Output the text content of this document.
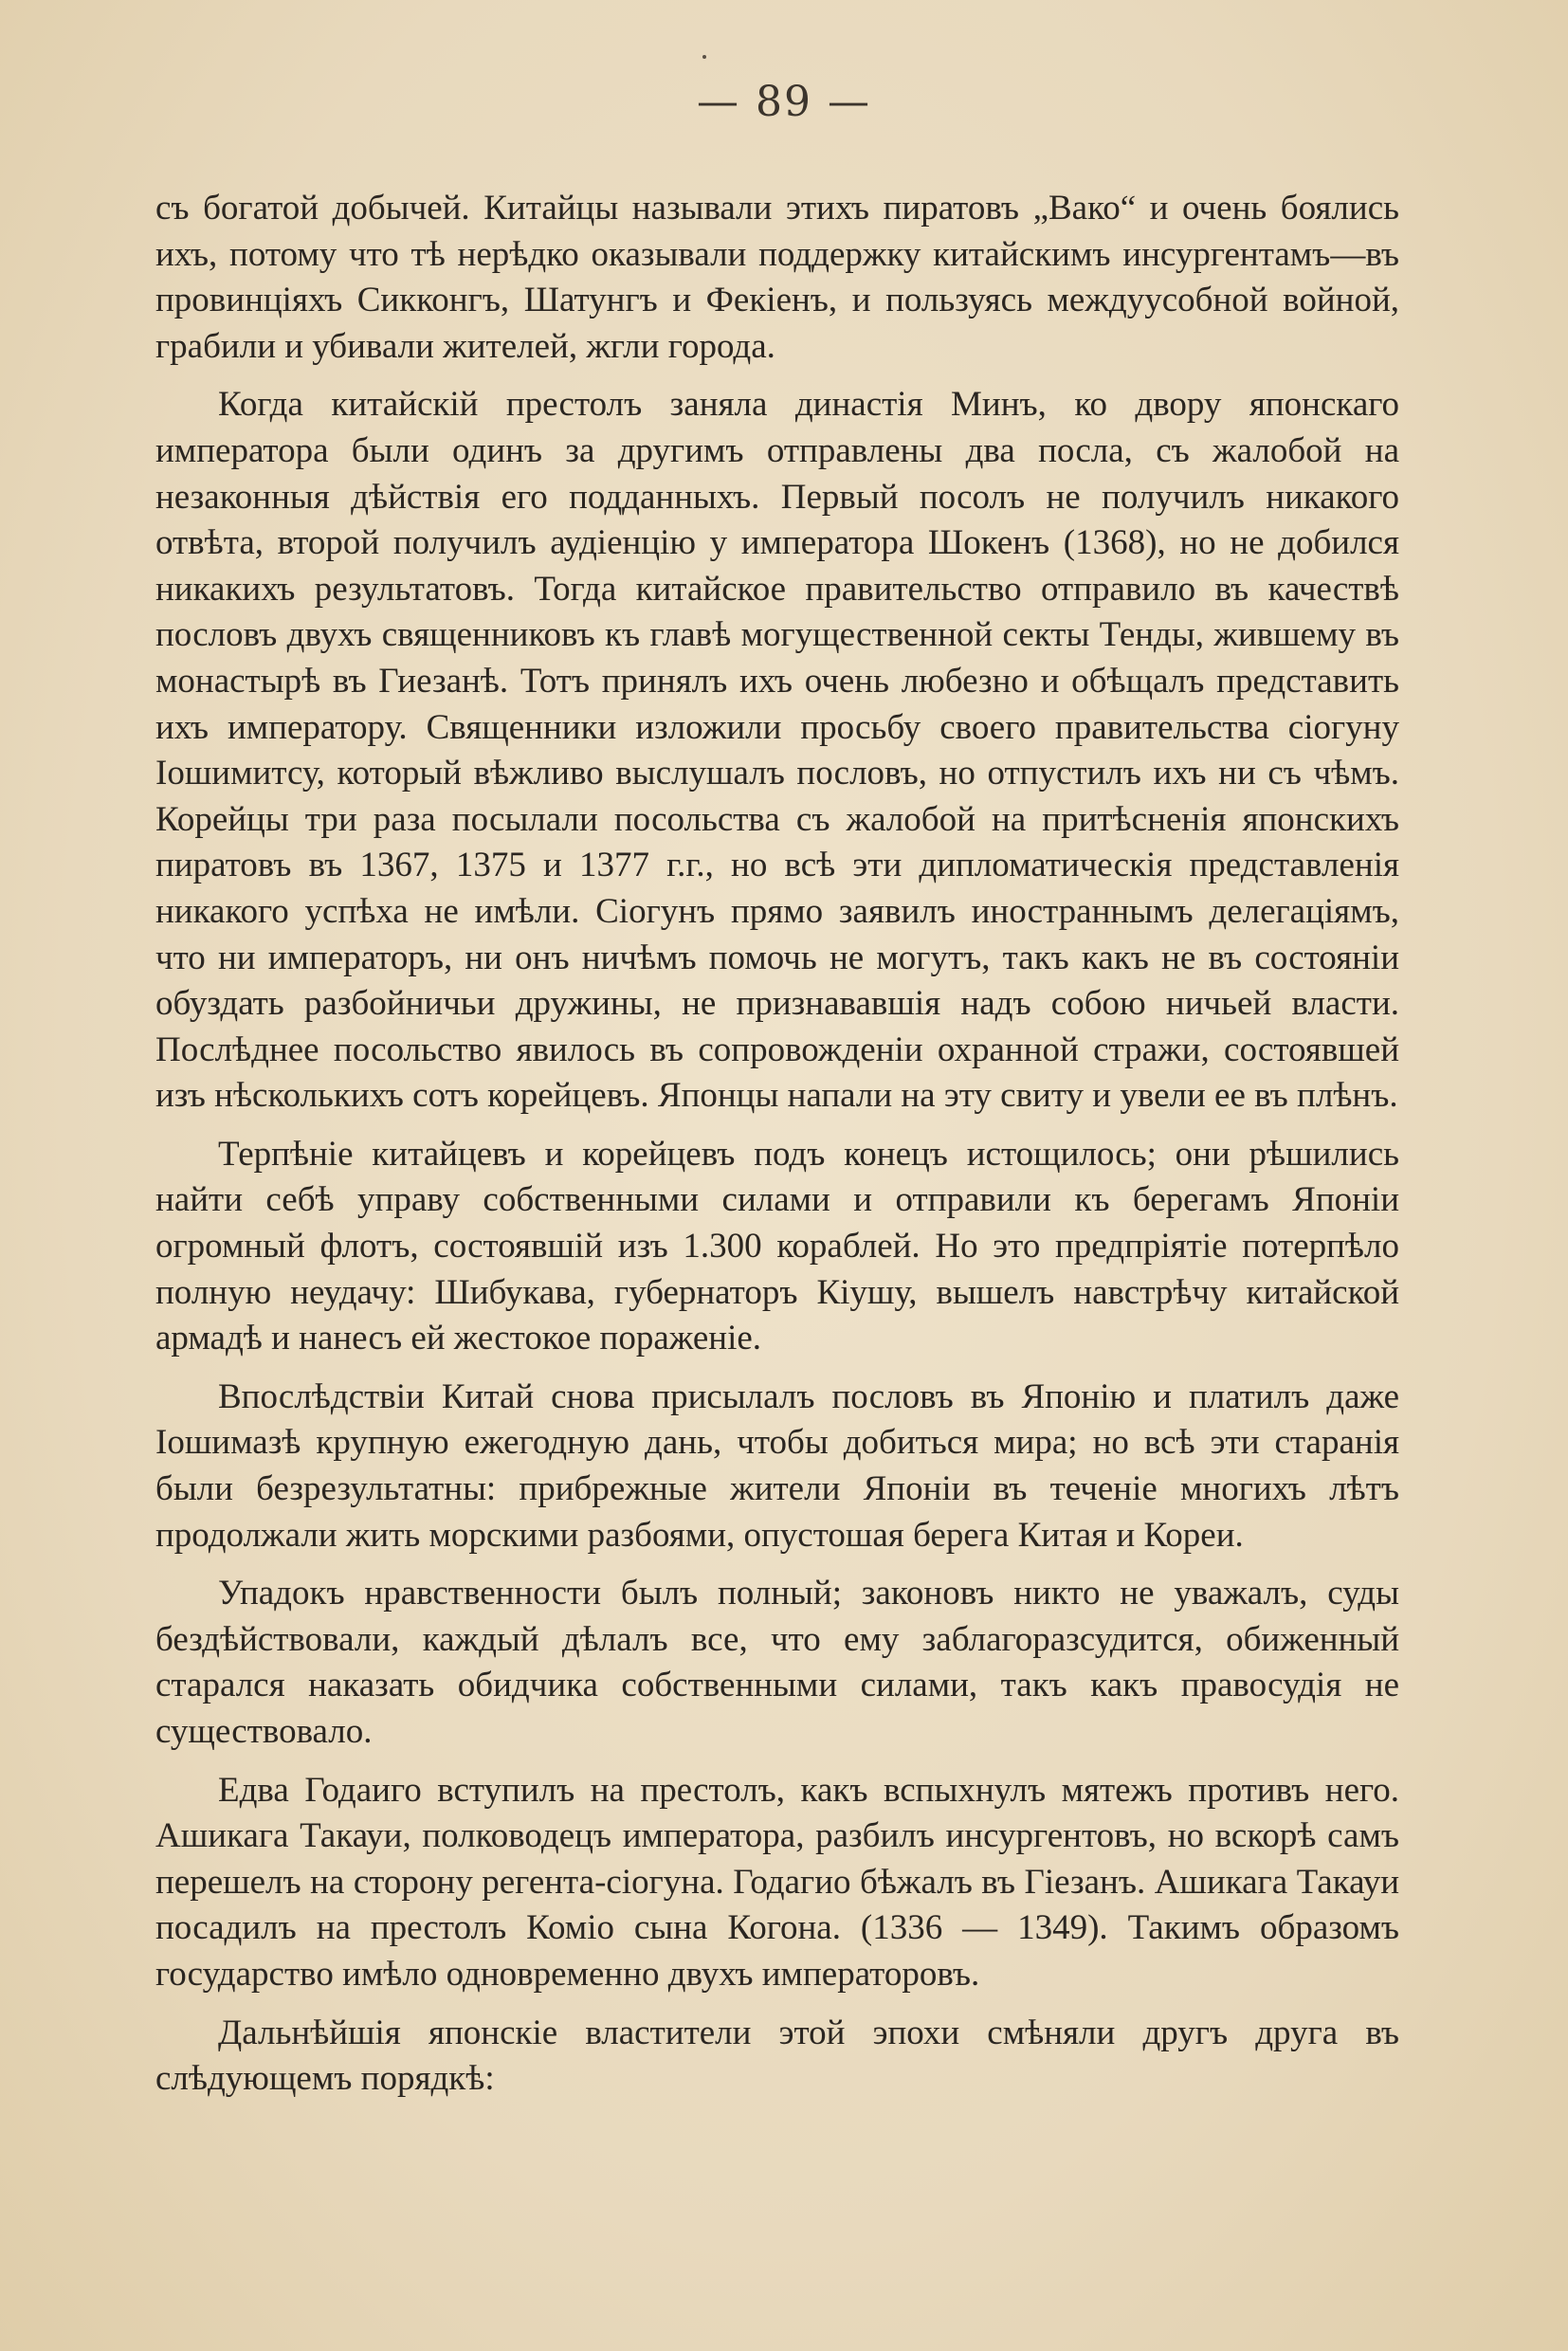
— 89 —

съ богатой добычей. Китайцы называли этихъ пиратовъ „Вако“ и очень боялись ихъ, потому что тѣ нерѣдко оказывали поддержку китайскимъ инсургентамъ—въ провинціяхъ Сикконгъ, Шатунгъ и Фекіенъ, и пользуясь междуусобной войной, грабили и убивали жителей, жгли города.

Когда китайскій престолъ заняла династія Минъ, ко двору японскаго императора были одинъ за другимъ отправлены два посла, съ жалобой на незаконныя дѣйствія его подданныхъ. Первый посолъ не получилъ никакого отвѣта, второй получилъ аудіенцію у императора Шокенъ (1368), но не добился никакихъ результатовъ. Тогда китайское правительство отправило въ качествѣ пословъ двухъ священниковъ къ главѣ могущественной секты Тенды, жившему въ монастырѣ въ Гиезанѣ. Тотъ принялъ ихъ очень любезно и обѣщалъ представить ихъ императору. Священники изложили просьбу своего правительства сіогуну Іошимитсу, который вѣжливо выслушалъ пословъ, но отпустилъ ихъ ни съ чѣмъ. Корейцы три раза посылали посольства съ жалобой на притѣсненія японскихъ пиратовъ въ 1367, 1375 и 1377 г.г., но всѣ эти дипломатическія представленія никакого успѣха не имѣли. Сіогунъ прямо заявилъ иностраннымъ делегаціямъ, что ни императоръ, ни онъ ничѣмъ помочь не могутъ, такъ какъ не въ состояніи обуздать разбойничьи дружины, не признававшія надъ собою ничьей власти. Послѣднее посольство явилось въ сопровожденіи охранной стражи, состоявшей изъ нѣсколькихъ сотъ корейцевъ. Японцы напали на эту свиту и увели ее въ плѣнъ.

Терпѣніе китайцевъ и корейцевъ подъ конецъ истощилось; они рѣшились найти себѣ управу собственными силами и отправили къ берегамъ Японіи огромный флотъ, состоявшій изъ 1.300 кораблей. Но это предпріятіе потерпѣло полную неудачу: Шибукава, губернаторъ Кіушу, вышелъ навстрѣчу китайской армадѣ и нанесъ ей жестокое пораженіе.

Впослѣдствіи Китай снова присылалъ пословъ въ Японію и платилъ даже Іошимазѣ крупную ежегодную дань, чтобы добиться мира; но всѣ эти старанія были безрезультатны: прибрежные жители Японіи въ теченіе многихъ лѣтъ продолжали жить морскими разбоями, опустошая берега Китая и Кореи.

Упадокъ нравственности былъ полный; законовъ никто не уважалъ, суды бездѣйствовали, каждый дѣлалъ все, что ему заблагоразсудится, обиженный старался наказать обидчика собственными силами, такъ какъ правосудія не существовало.

Едва Годаиго вступилъ на престолъ, какъ вспыхнулъ мятежъ противъ него. Ашикага Такауи, полководецъ императора, разбилъ инсургентовъ, но вскорѣ самъ перешелъ на сторону регента-сіогуна. Годагио бѣжалъ въ Гіезанъ. Ашикага Такауи посадилъ на престолъ Коміо сына Когона. (1336 — 1349). Такимъ образомъ государство имѣло одновременно двухъ императоровъ.

Дальнѣйшія японскіе властители этой эпохи смѣняли другъ друга въ слѣдующемъ порядкѣ:
